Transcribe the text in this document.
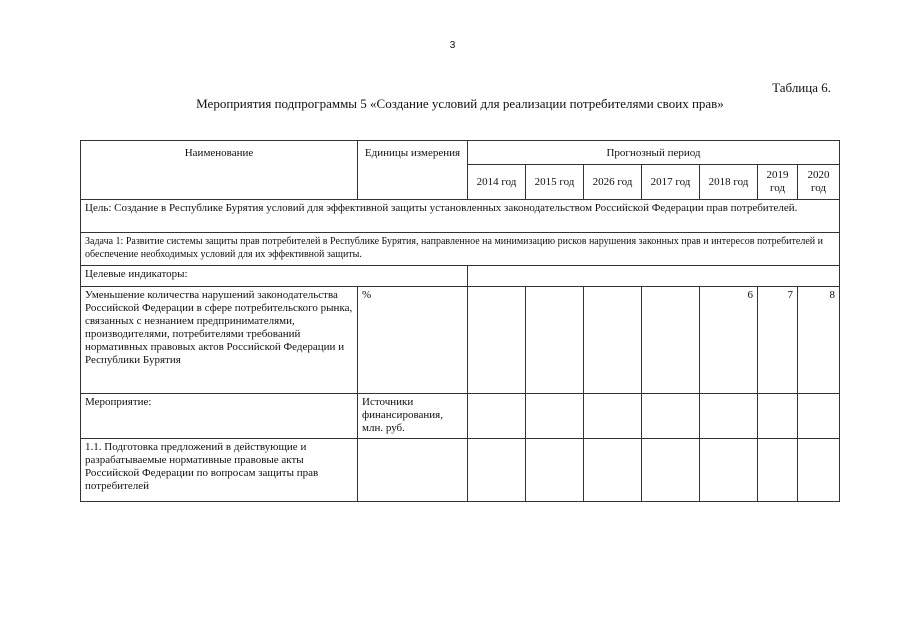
3
Таблица 6.
Мероприятия подпрограммы 5 «Создание условий для реализации потребителями своих прав»
Наименование	Единицы измерения	Прогнозный период						
		2014 год	2015 год	2026 год	2017 год	2018 год	2019 год	2020 год
Цель: Создание в Республике Бурятия условий для эффективной защиты установленных законодательством Российской Федерации прав потребителей.								
Задача 1: Развитие системы защиты прав потребителей в Республике Бурятия, направленное на минимизацию рисков нарушения законных прав и интересов потребителей и обеспечение необходимых условий для их эффективной защиты.								
Целевые индикаторы:								
Уменьшение количества нарушений законодательства Российской Федерации в сфере потребительского рынка, связанных с незнанием предпринимателями, производителями, потребителями требований нормативных правовых актов Российской Федерации и Республики Бурятия	%					6	7	8
Мероприятие:	Источники финансирования, млн. руб.							
1.1. Подготовка предложений в действующие и разрабатываемые нормативные правовые акты Российской Федерации по вопросам защиты прав потребителей								
